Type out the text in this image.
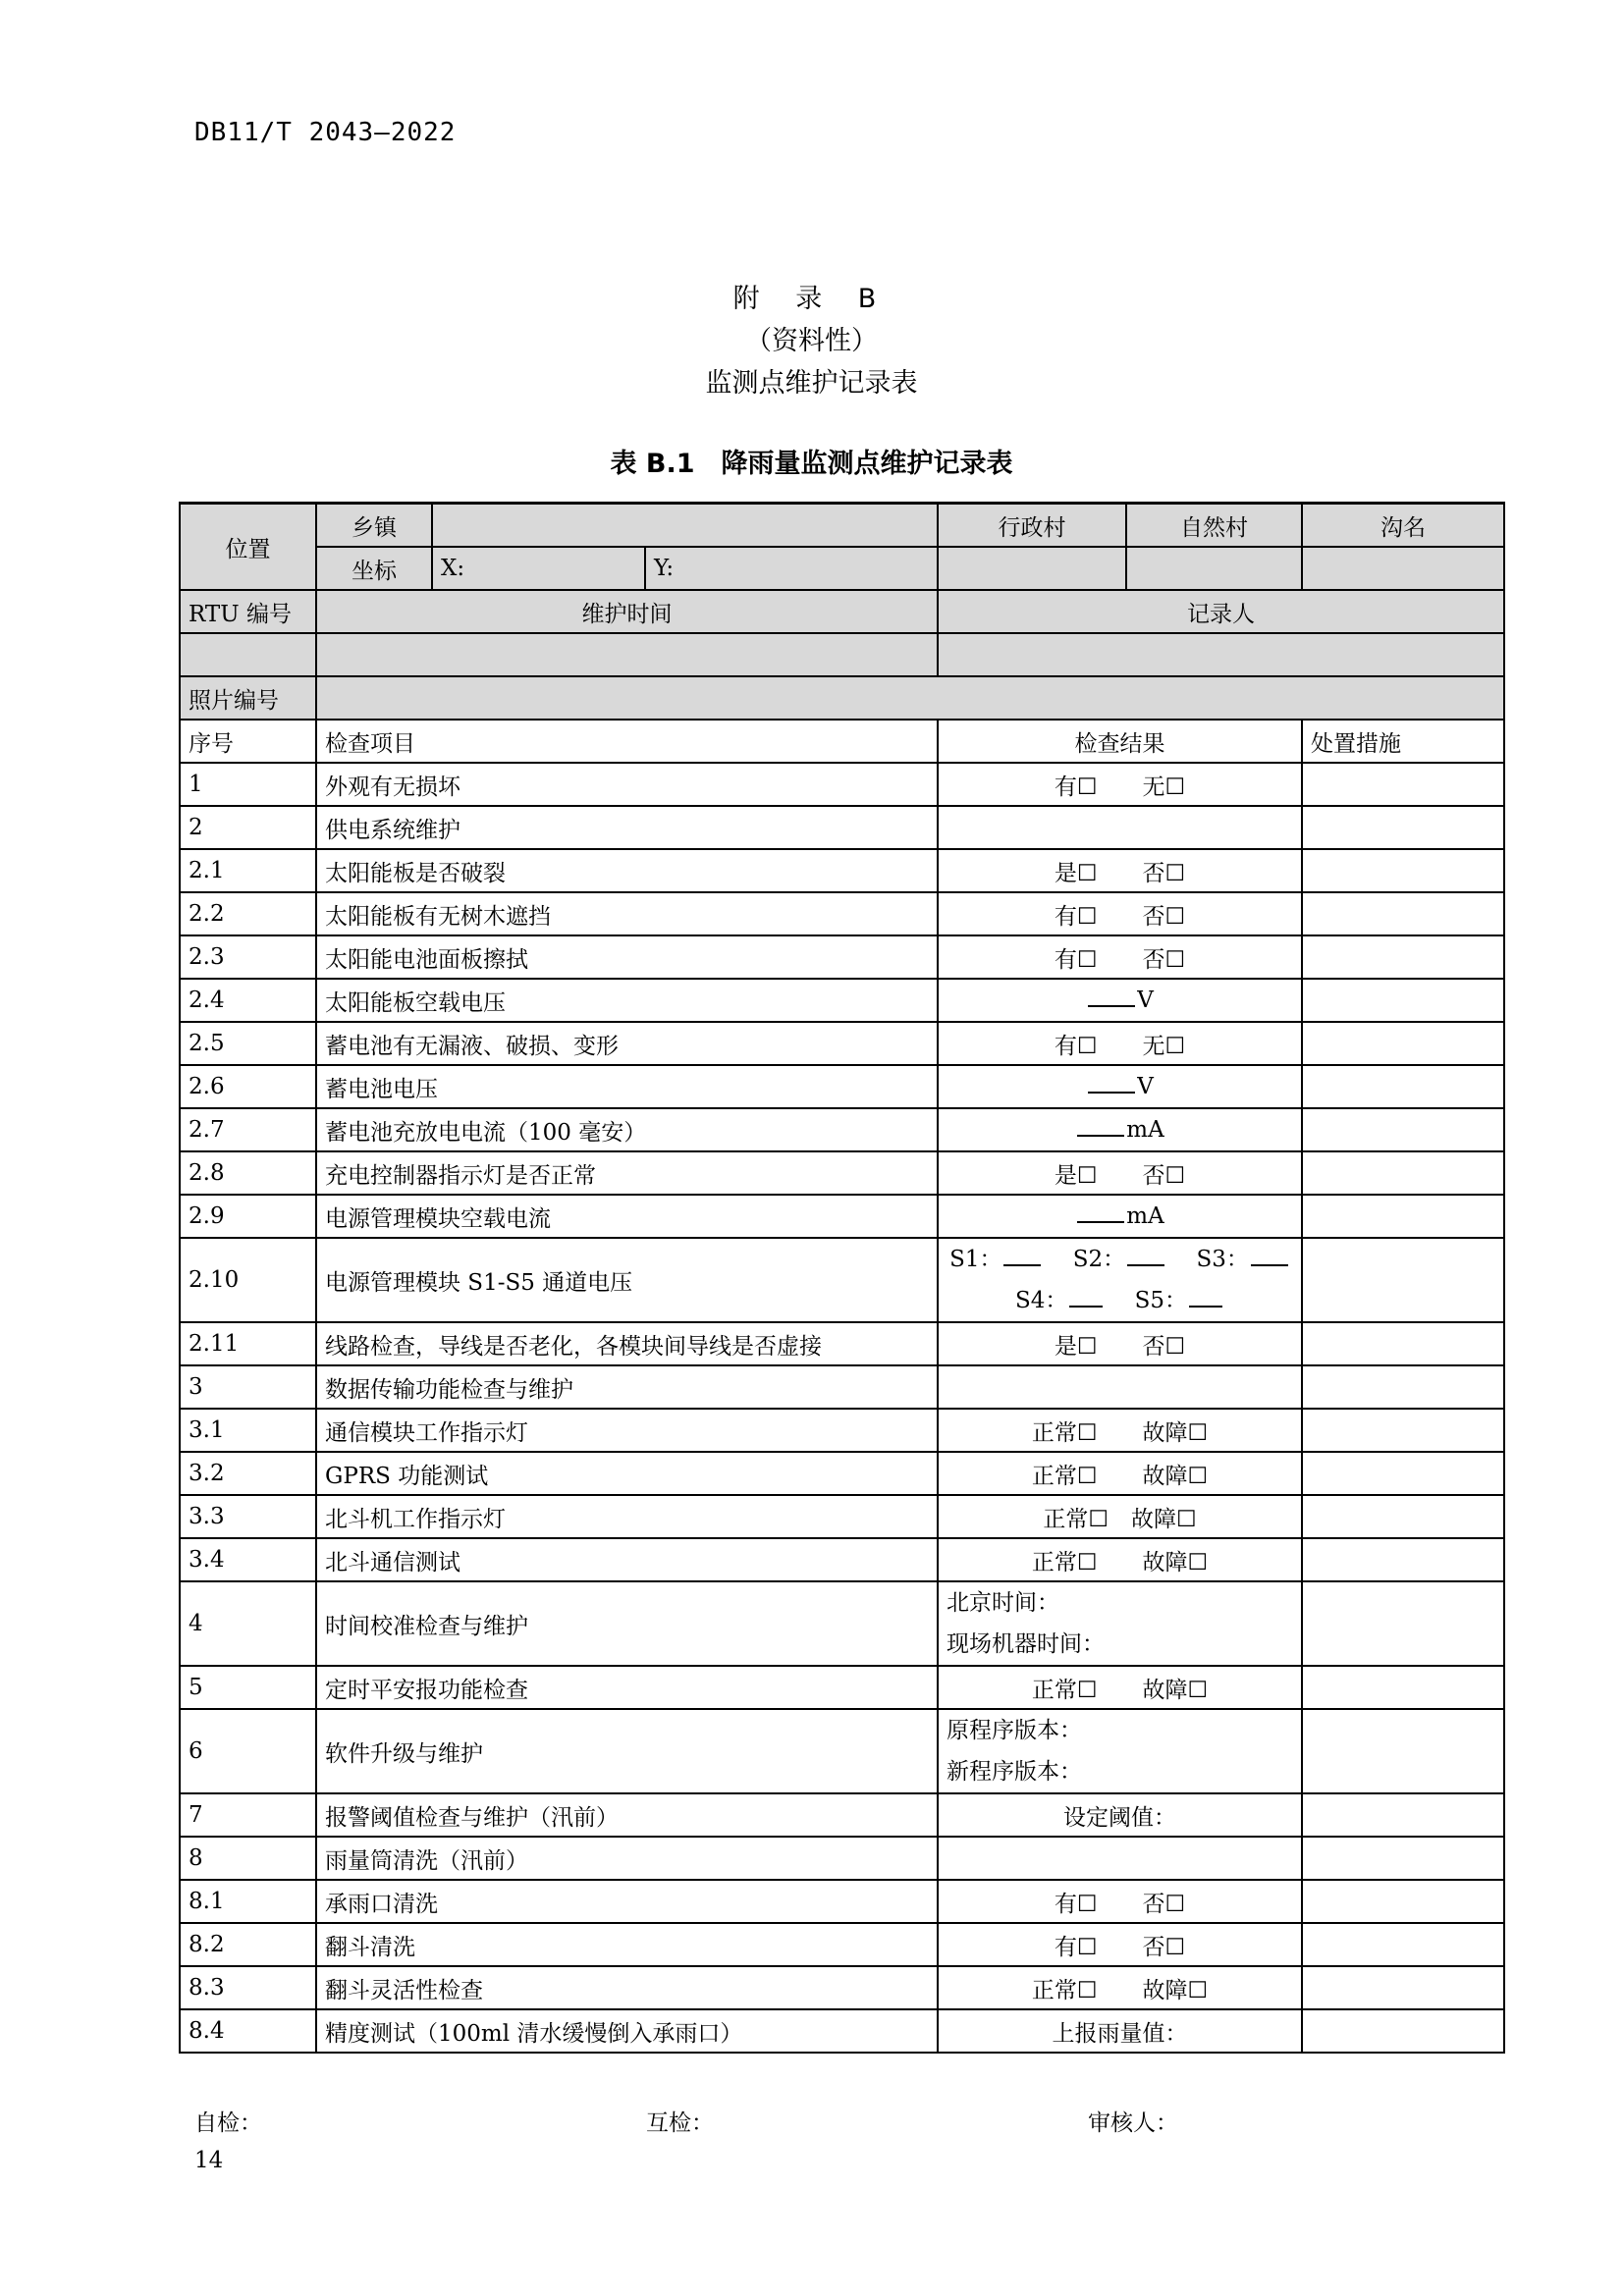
DB11/T 2043—2022
附 录 B
（资料性）
监测点维护记录表
表 B.1　降雨量监测点维护记录表
位置	乡镇			行政村	自然村	沟名
	坐标	X:	Y:			
RTU 编号	维护时间			记录人		

照片编号						
序号	检查项目			检查结果		处置措施
1	外观有无损坏			有☐　　无☐		
2	供电系统维护					
2.1	太阳能板是否破裂			是☐　　否☐		
2.2	太阳能板有无树木遮挡			有☐　　否☐		
2.3	太阳能电池面板擦拭			有☐　　否☐		
2.4	太阳能板空载电压			V		
2.5	蓄电池有无漏液、破损、变形			有☐　　无☐		
2.6	蓄电池电压			V		
2.7	蓄电池充放电电流（100 毫安）			mA		
2.8	充电控制器指示灯是否正常			是☐　　否☐		
2.9	电源管理模块空载电流			mA		
2.10	电源管理模块 S1-S5 通道电压			S1：　 S2：　 S3：
S4：　 S5：		

2.11	线路检查，导线是否老化，各模块间导线是否虚接			是☐　　否☐		
3	数据传输功能检查与维护					
3.1	通信模块工作指示灯			正常☐　　故障☐		
3.2	GPRS 功能测试			正常☐　　故障☐		
3.3	北斗机工作指示灯			正常☐　故障☐		
3.4	北斗通信测试			正常☐　　故障☐		
4	时间校准检查与维护			北京时间：
现场机器时间：		

5	定时平安报功能检查			正常☐　　故障☐		
6	软件升级与维护			原程序版本：
新程序版本：		

7	报警阈值检查与维护（汛前）			设定阈值：		
8	雨量筒清洗（汛前）					
8.1	承雨口清洗			有☐　　否☐		
8.2	翻斗清洗			有☐　　否☐		
8.3	翻斗灵活性检查			正常☐　　故障☐		
8.4	精度测试（100ml 清水缓慢倒入承雨口）			上报雨量值：		
自检：	互检：	审核人：
14
